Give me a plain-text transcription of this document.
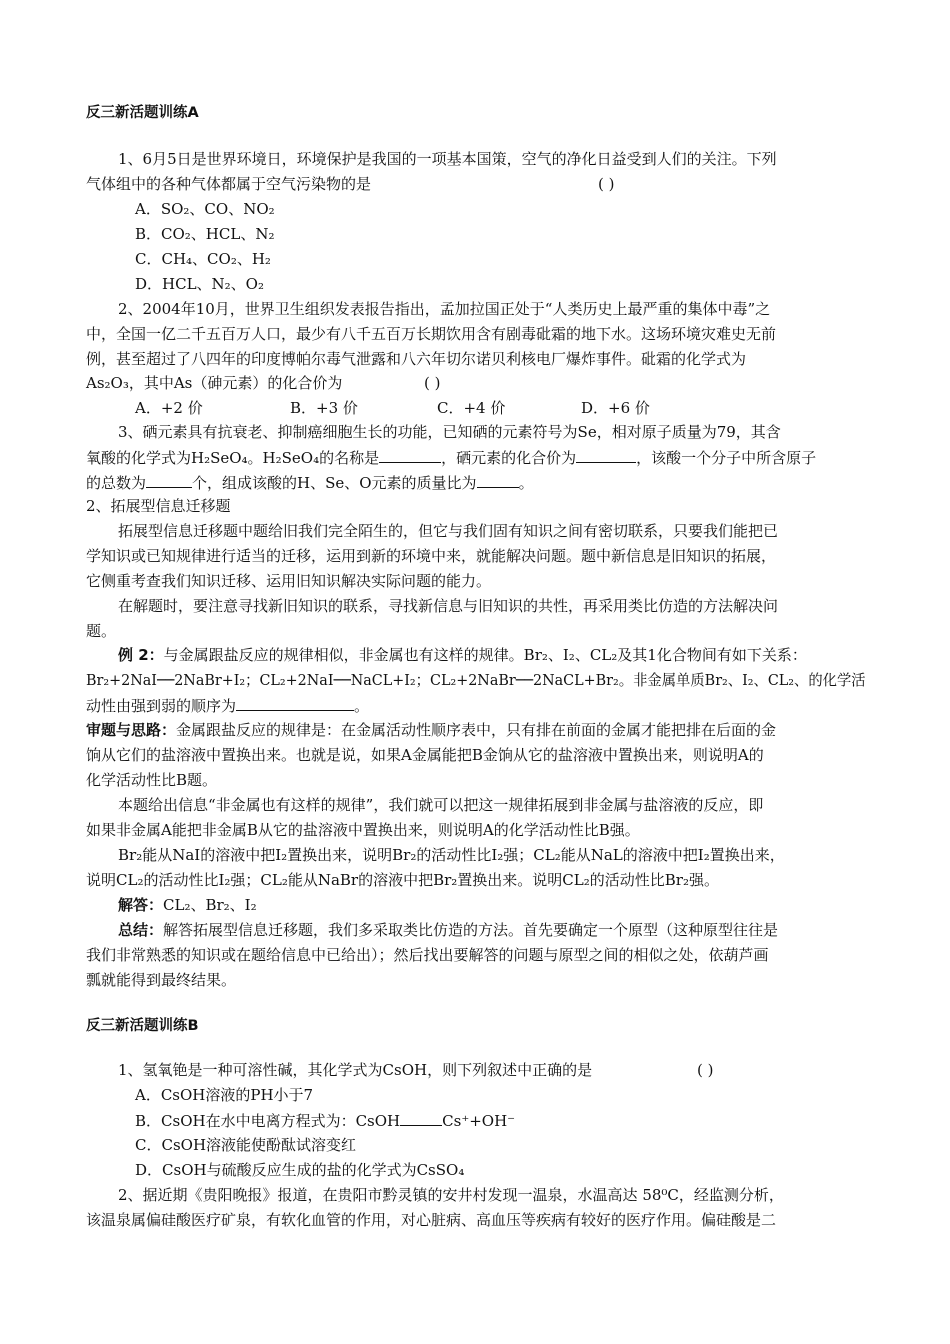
反三新活题训练A
1、6月5日是世界环境日，环境保护是我国的一项基本国策，空气的净化日益受到人们的关注。下列
气体组中的各种气体都属于空气污染物的是	( )
A．SO₂、CO、NO₂
B．CO₂、HCL、N₂
C．CH₄、CO₂、H₂
D．HCL、N₂、O₂
2、2004年10月，世界卫生组织发表报告指出，孟加拉国正处于“人类历史上最严重的集体中毒”之
中，全国一亿二千五百万人口，最少有八千五百万长期饮用含有剧毒砒霜的地下水。这场环境灾难史无前
例，甚至超过了八四年的印度博帕尔毒气泄露和八六年切尔诺贝利核电厂爆炸事件。砒霜的化学式为
As₂O₃，其中As（砷元素）的化合价为	( )
A．+2 价	B．+3 价	C．+4 价	D．+6 价
3、硒元素具有抗衰老、抑制癌细胞生长的功能，已知硒的元素符号为Se，相对原子质量为79，其含
氧酸的化学式为H₂SeO₄。H₂SeO₄的名称是	，硒元素的化合价为	，该酸一个分子中所含原子
的总数为	个，组成该酸的H、Se、O元素的质量比为	。
2、拓展型信息迁移题
拓展型信息迁移题中题给旧我们完全陌生的，但它与我们固有知识之间有密切联系，只要我们能把已
学知识或已知规律进行适当的迁移，运用到新的环境中来，就能解决问题。题中新信息是旧知识的拓展，
它侧重考查我们知识迁移、运用旧知识解决实际问题的能力。
在解题时，要注意寻找新旧知识的联系，寻找新信息与旧知识的共性，再采用类比仿造的方法解决问
题。
例 2：与金属跟盐反应的规律相似，非金属也有这样的规律。Br₂、I₂、CL₂及其1化合物间有如下关系：
Br₂+2NaI──2NaBr+I₂；CL₂+2NaI──NaCL+I₂；CL₂+2NaBr──2NaCL+Br₂。非金属单质Br₂、I₂、CL₂、的化学活
动性由强到弱的顺序为	。
审题与思路：金属跟盐反应的规律是：在金属活动性顺序表中，只有排在前面的金属才能把排在后面的金
饷从它们的盐溶液中置换出来。也就是说，如果A金属能把B金饷从它的盐溶液中置换出来，则说明A的
化学活动性比B题。
本题给出信息“非金属也有这样的规律”，我们就可以把这一规律拓展到非金属与盐溶液的反应，即
如果非金属A能把非金属B从它的盐溶液中置换出来，则说明A的化学活动性比B强。
Br₂能从NaI的溶液中把I₂置换出来，说明Br₂的活动性比I₂强；CL₂能从NaL的溶液中把I₂置换出来，
说明CL₂的活动性比I₂强；CL₂能从NaBr的溶液中把Br₂置换出来。说明CL₂的活动性比Br₂强。
解答：CL₂、Br₂、I₂
总结：解答拓展型信息迁移题，我们多采取类比仿造的方法。首先要确定一个原型（这种原型往往是
我们非常熟悉的知识或在题给信息中已给出）；然后找出要解答的问题与原型之间的相似之处，依葫芦画
瓢就能得到最终结果。
反三新活题训练B
1、氢氧铯是一种可溶性碱，其化学式为CsOH，则下列叙述中正确的是	( )
A．CsOH溶液的PH小于7
B．CsOH在水中电离方程式为：CsOH	Cs⁺+OH⁻
C．CsOH溶液能使酚酞试溶变红
D．CsOH与硫酸反应生成的盐的化学式为CsSO₄
2、据近期《贵阳晚报》报道，在贵阳市黔灵镇的安井村发现一温泉，水温高达 58⁰C，经监测分析，
该温泉属偏硅酸医疗矿泉，有软化血管的作用，对心脏病、高血压等疾病有较好的医疗作用。偏硅酸是二
